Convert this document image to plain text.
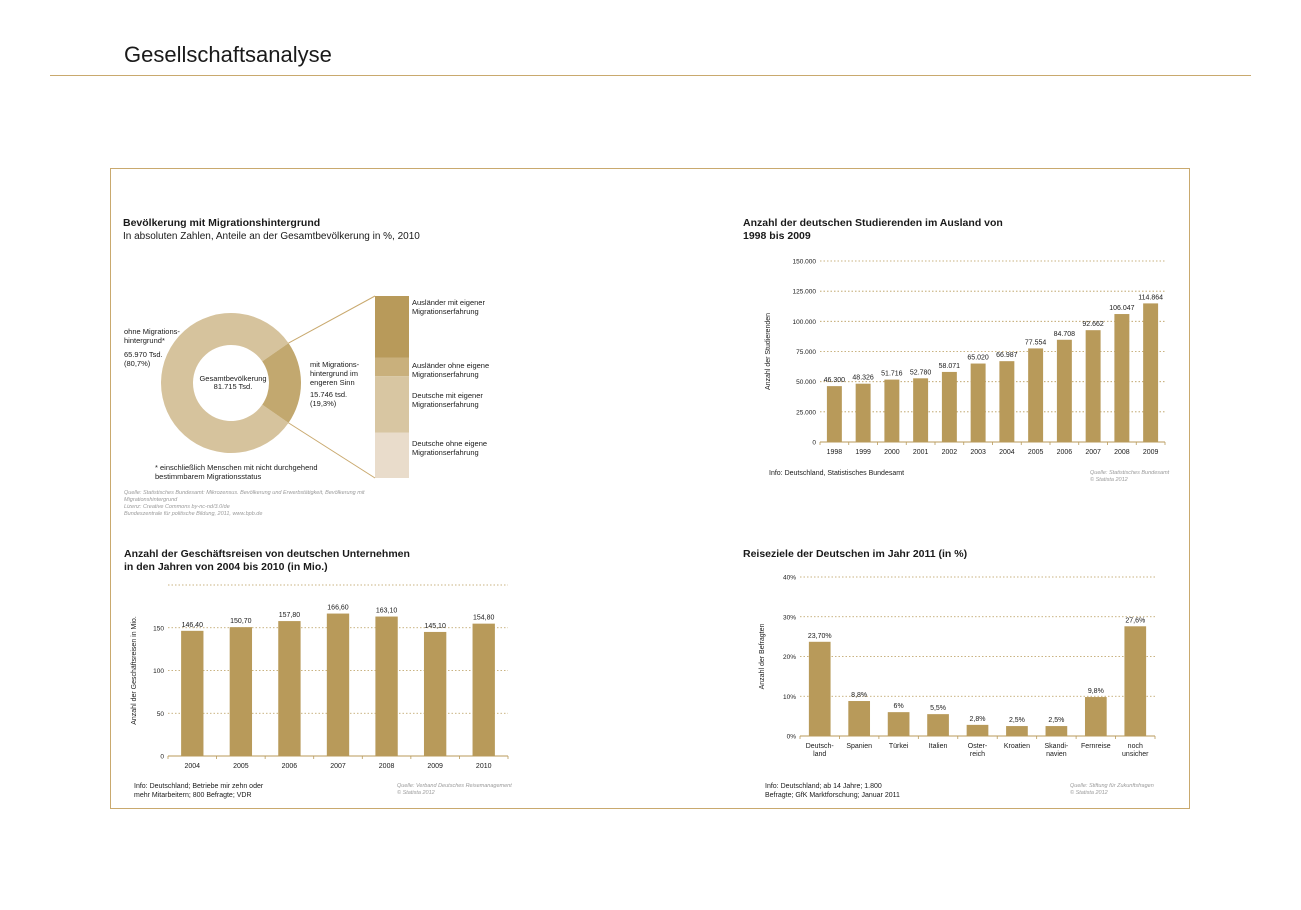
Gesellschaftsanalyse
Bevölkerung mit Migrationshintergrund
In absoluten Zahlen, Anteile an der Gesamtbevölkerung in %, 2010
ohne Migrations-
hintergrund*
65.970 Tsd.
(80,7%)
Gesamtbevölkerung
81.715 Tsd.
mit Migrations-
hintergrund im
engeren Sinn
15.746 tsd.
(19,3%)
Ausländer mit eigener
Migrationserfahrung
Ausländer ohne eigene
Migrationserfahrung
Deutsche mit eigener
Migrationserfahrung
Deutsche ohne eigene
Migrationserfahrung
* einschließlich Menschen mit nicht durchgehend
bestimmbarem Migrationsstatus
Quelle: Statistisches Bundesamt: Mikrozensus. Bevölkerung und Erwerbstätigkeit, Bevölkerung mit
Migrationshintergrund
Lizenz: Creative Commons by-nc-nd/3.0/de
Bundeszentrale für politische Bildung, 2011, www.bpb.de
Anzahl der deutschen Studierenden im Ausland von
1998 bis 2009
Info: Deutschland, Statistisches Bundesamt	Quelle: Statistisches Bundesamt
© Statista 2012
Anzahl der Geschäftsreisen von deutschen Unternehmen
in den Jahren von 2004 bis 2010 (in Mio.)
Info: Deutschland; Betriebe mir zehn oder
mehr Mitarbeitern; 800 Befragte; VDR
Quelle: Verband Deutsches Reisemanagement
© Statista 2012
Reiseziele der Deutschen im Jahr 2011 (in %)
Info: Deutschland; ab 14 Jahre; 1.800
Befragte; GfK Marktforschung; Januar 2011
Quelle: Stiftung für Zukunftsfragen
© Statista 2012
0
25.000
50.000
75.000
100.000
125.000
150.000
46.300
1998
48.326
1999
51.716
2000
52.780
2001
58.071
2002
65.020
2003
66.987
2004
77.554
2005
84.708
2006
92.662
2007
106.047
2008
114.864
2009
Anzahl der Studierenden
0
50
100
150	146,40
2004
150,70
2005
157,80
2006
166,60
2007
163,10
2008
145,10
2009
154,80
2010
Anzahl der Geschäftsreisen in Mio.
0%
10%
20%
30%
40%
23,70%
Deutsch-land
8,8%
Spanien
6%
Türkei
5,5%
Italien
2,8%
Oster-reich
2,5%
Kroatien
2,5%
Skandi-navien
9,8%
Fernreise
27,6%
noch unsicher
Anzahl der Befragten
